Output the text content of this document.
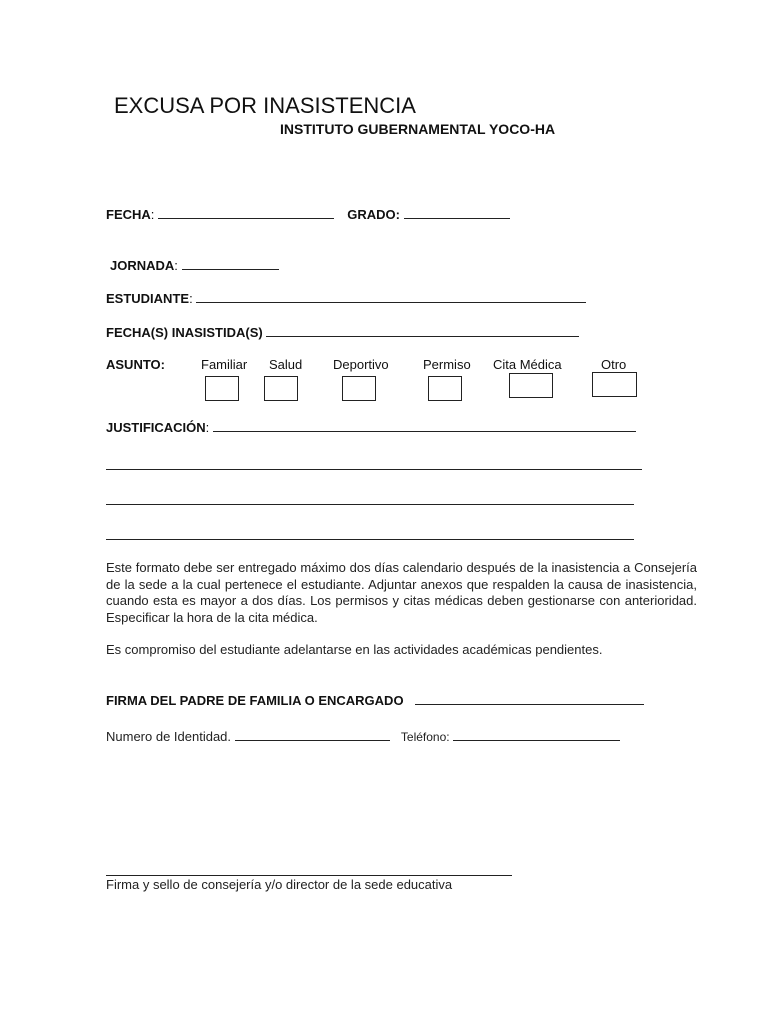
EXCUSA POR INASISTENCIA
INSTITUTO GUBERNAMENTAL YOCO-HA
FECHA:	GRADO:
JORNADA:
ESTUDIANTE:
FECHA(S) INASISTIDA(S)
ASUNTO:	Familiar Salud Deportivo	Permiso Cita Médica	Otro
JUSTIFICACIÓN:
Este formato debe ser entregado máximo dos días calendario después de la inasistencia a Consejería de la sede a la cual pertenece el estudiante. Adjuntar anexos que respalden la causa de inasistencia, cuando esta es mayor a dos días. Los permisos y citas médicas deben gestionarse con anterioridad. Especificar la hora de la cita médica.
Es compromiso del estudiante adelantarse en las actividades académicas pendientes.
FIRMA DEL PADRE DE FAMILIA O ENCARGADO
Numero de Identidad.	Teléfono:
Firma y sello de consejería y/o director de la sede educativa
